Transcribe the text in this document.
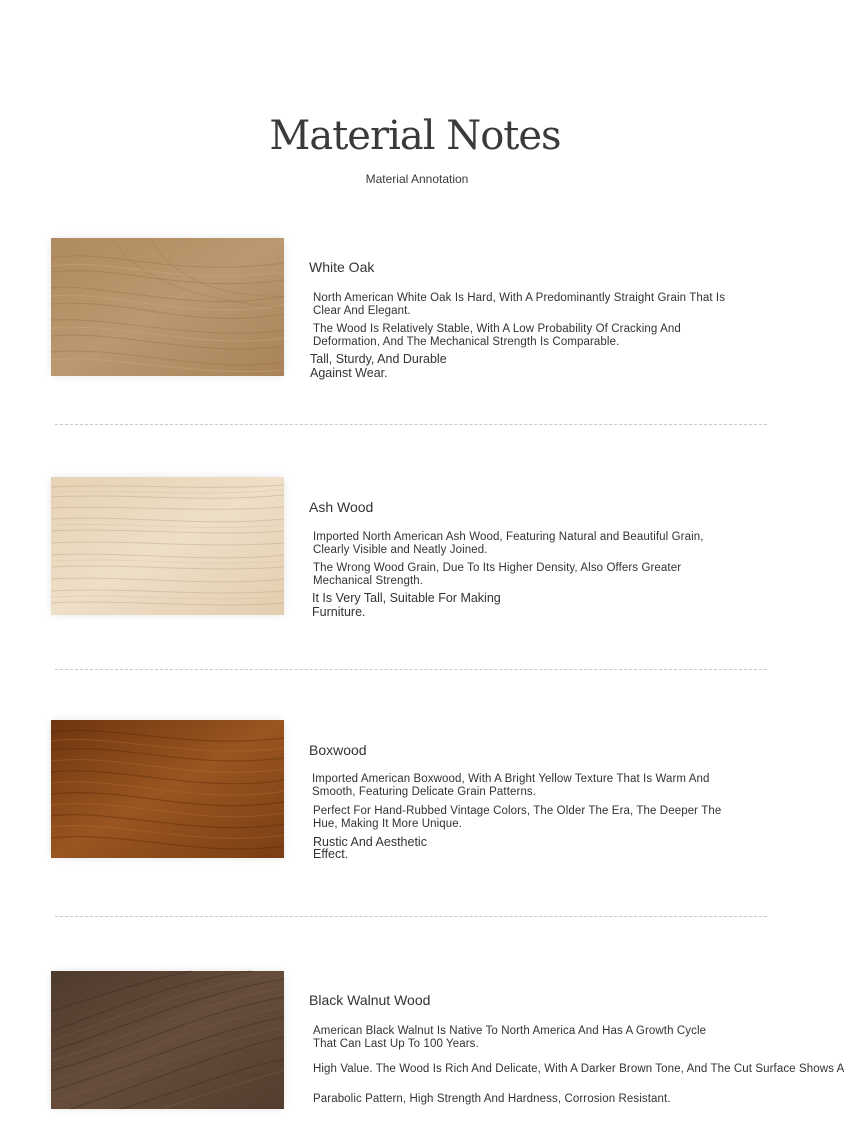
Material Notes
Material Annotation
White Oak
North American White Oak Is Hard, With A Predominantly Straight Grain That Is Clear And Elegant.
The Wood Is Relatively Stable, With A Low Probability Of Cracking And Deformation, And The Mechanical Strength Is Comparable.
Tall, Sturdy, And Durable Against Wear.
Ash Wood
Imported North American Ash Wood, Featuring Natural and Beautiful Grain, Clearly Visible and Neatly Joined.
The Wrong Wood Grain, Due To Its Higher Density, Also Offers Greater Mechanical Strength.
It Is Very Tall, Suitable For Making Furniture.
Boxwood
Imported American Boxwood, With A Bright Yellow Texture That Is Warm And Smooth, Featuring Delicate Grain Patterns.
Perfect For Hand-Rubbed Vintage Colors, The Older The Era, The Deeper The Hue, Making It More Unique.
Rustic And Aesthetic Effect.
Black Walnut Wood
American Black Walnut Is Native To North America And Has A Growth Cycle That Can Last Up To 100 Years.
High Value. The Wood Is Rich And Delicate, With A Darker Brown Tone, And The Cut Surface Shows A
Parabolic Pattern, High Strength And Hardness, Corrosion Resistant.
